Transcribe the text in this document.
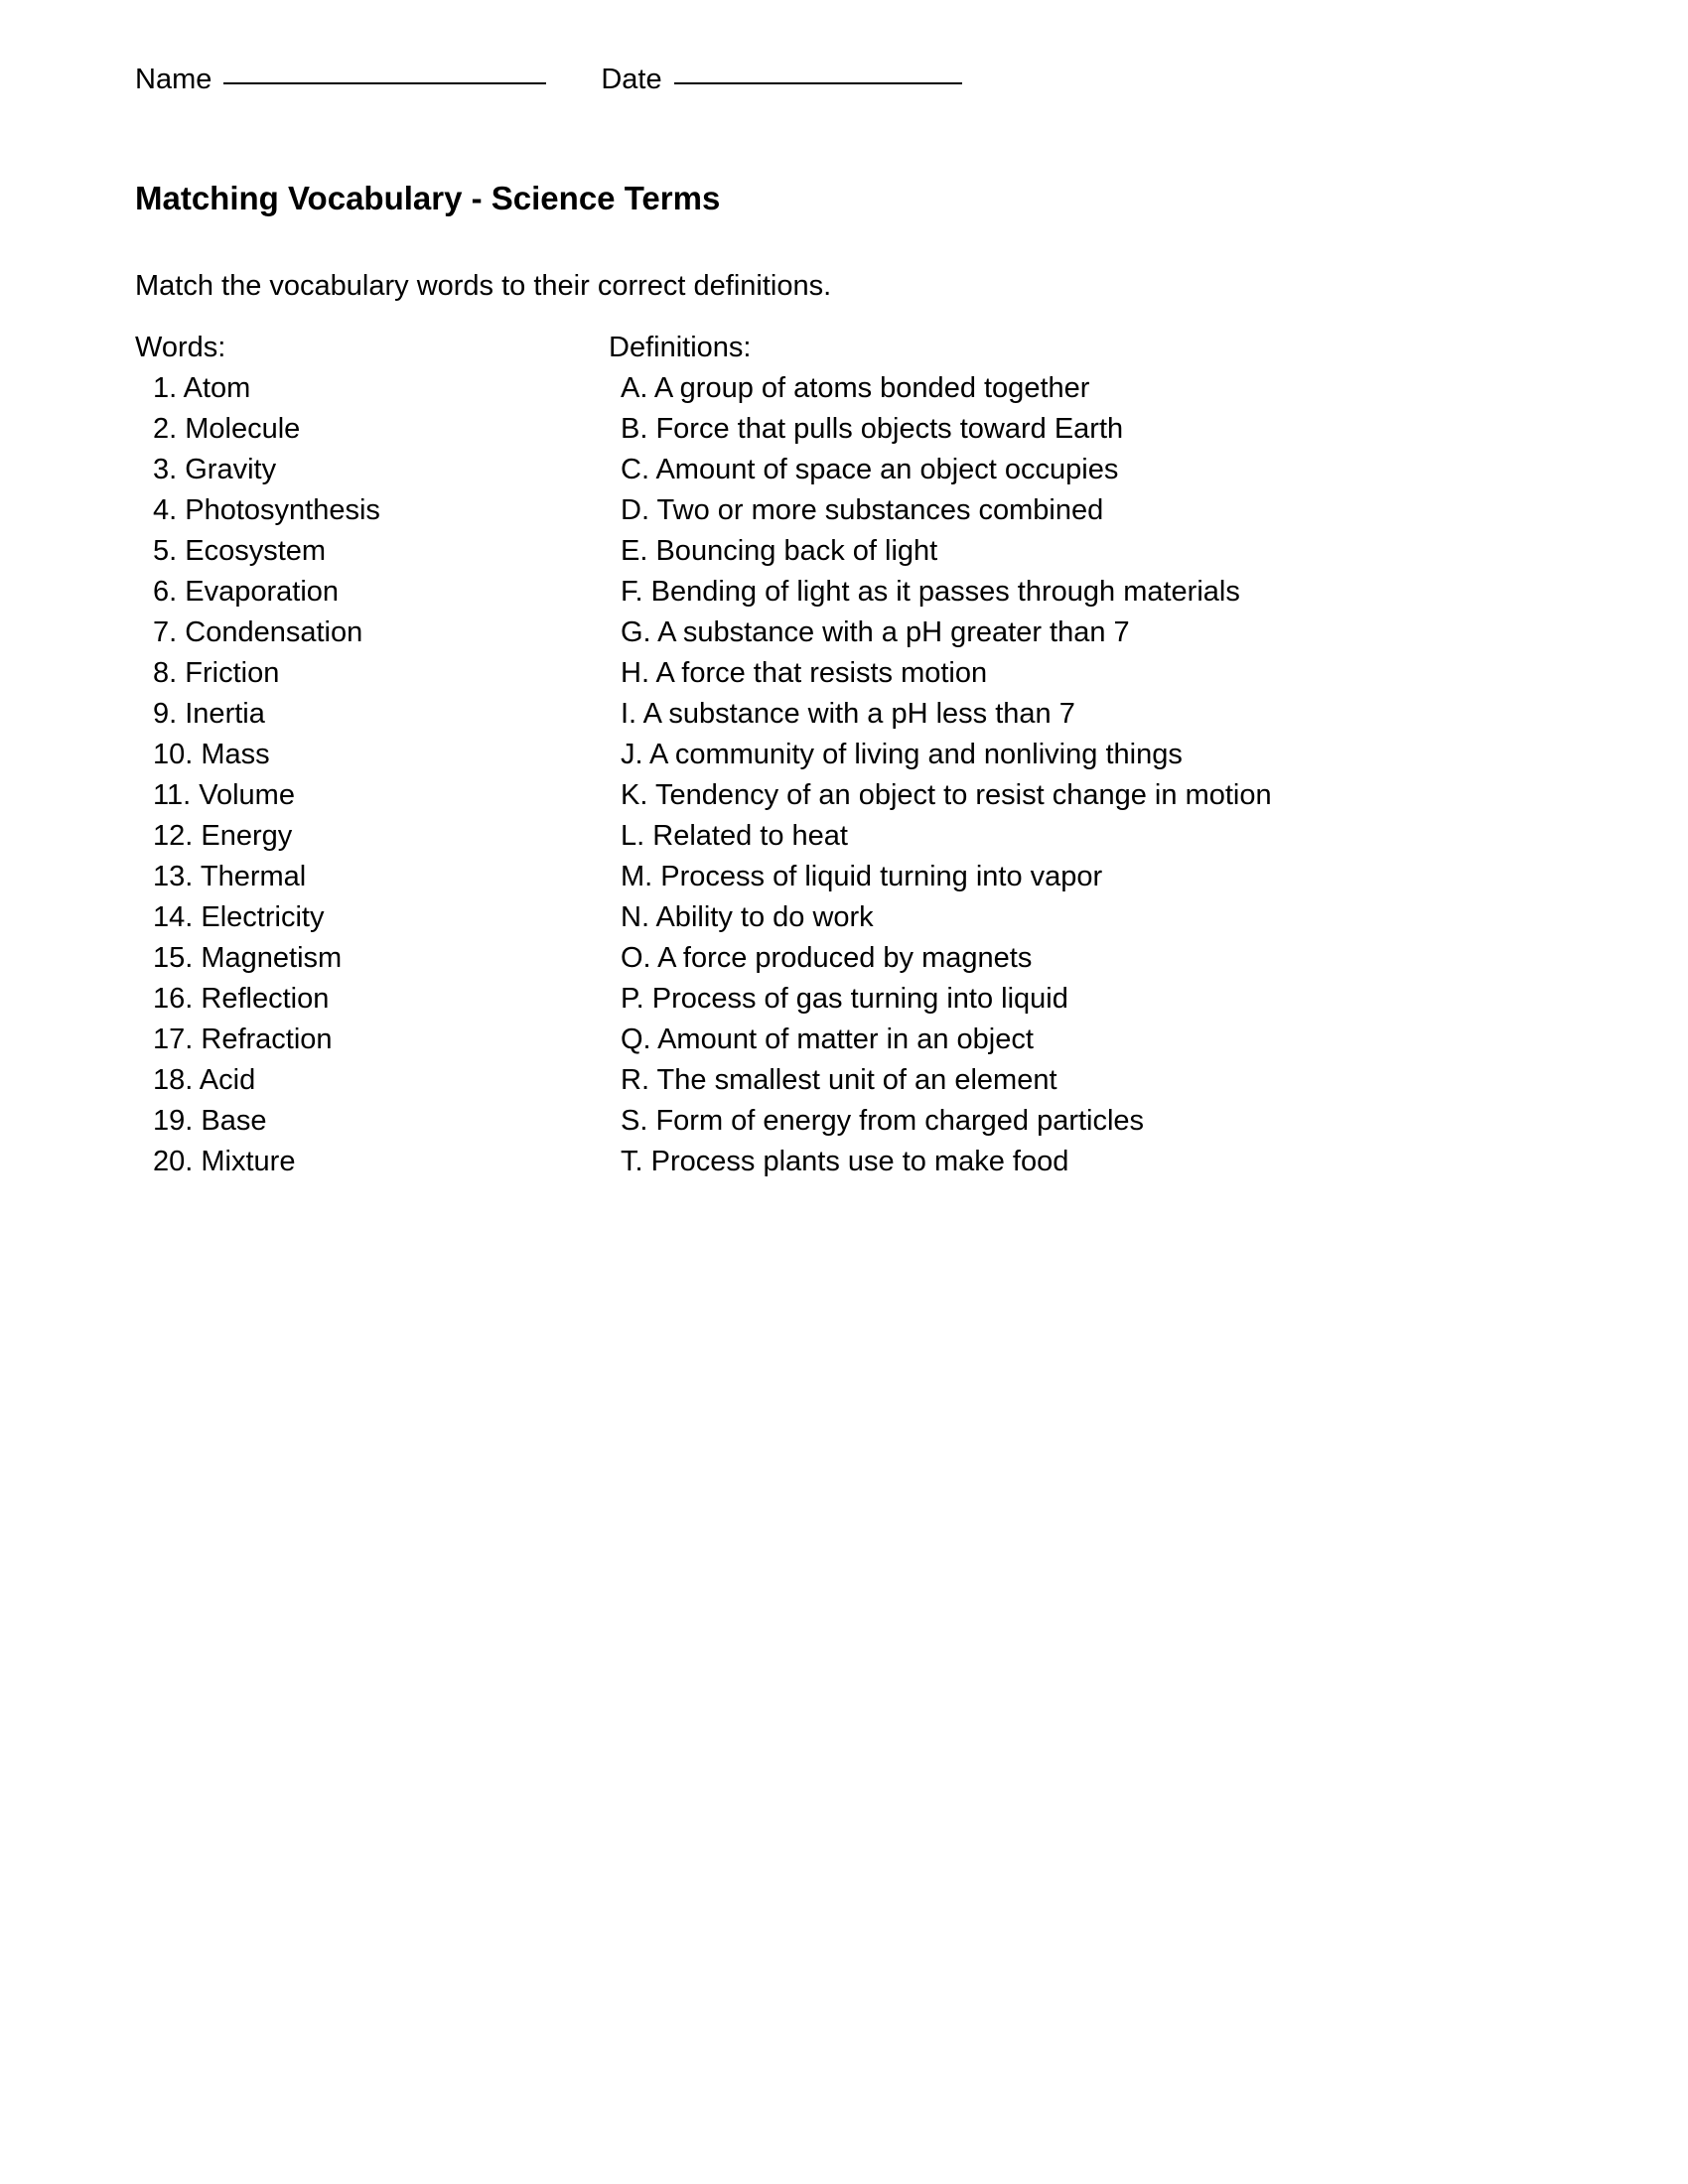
Name	Date
Matching Vocabulary - Science Terms

Match the vocabulary words to their correct definitions.

Words:
1. Atom
2. Molecule
3. Gravity
4. Photosynthesis
5. Ecosystem
6. Evaporation
7. Condensation
8. Friction
9. Inertia
10. Mass
11. Volume
12. Energy
13. Thermal
14. Electricity
15. Magnetism
16. Reflection
17. Refraction
18. Acid
19. Base
20. Mixture
Definitions:
A. A group of atoms bonded together
B. Force that pulls objects toward Earth
C. Amount of space an object occupies
D. Two or more substances combined
E. Bouncing back of light
F. Bending of light as it passes through materials
G. A substance with a pH greater than 7
H. A force that resists motion
I. A substance with a pH less than 7
J. A community of living and nonliving things
K. Tendency of an object to resist change in motion
L. Related to heat
M. Process of liquid turning into vapor
N. Ability to do work
O. A force produced by magnets
P. Process of gas turning into liquid
Q. Amount of matter in an object
R. The smallest unit of an element
S. Form of energy from charged particles
T. Process plants use to make food
